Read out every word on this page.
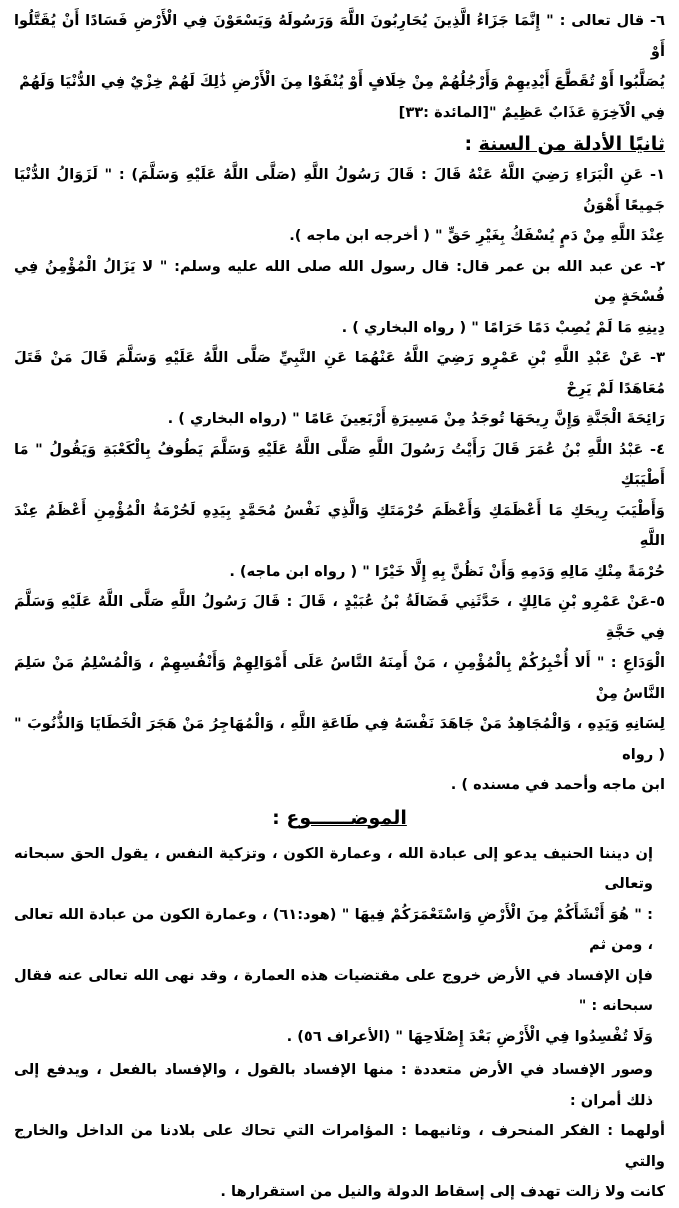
٦- قال تعالى : " إِنَّمَا جَزَاءُ الَّذِينَ يُحَارِبُونَ اللَّهَ وَرَسُولَهُ وَيَسْعَوْنَ فِي الْأَرْضِ فَسَادًا أَنْ يُقَتَّلُوا أَوْ
يُصَلَّبُوا أَوْ تُقَطَّعَ أَيْدِيهِمْ وَأَرْجُلُهُمْ مِنْ خِلَافٍ أَوْ يُنْفَوْا مِنَ الْأَرْضِ ذَٰلِكَ لَهُمْ خِزْيٌ فِي الدُّنْيَا وَلَهُمْ
فِي الْآخِرَةِ عَذَابٌ عَظِيمٌ "[المائدة :٣٣]
ثانيًا الأدلة من السنة :
١- عَنِ الْبَرَاءِ رَضِيَ اللَّهُ عَنْهُ قَالَ : قَالَ رَسُولُ اللَّهِ (صَلَّى اللَّهُ عَلَيْهِ وَسَلَّمَ) : " لَزَوَالُ الدُّنْيَا جَمِيعًا أَهْوَنُ
عِنْدَ اللَّهِ مِنْ دَمٍ يُسْفَكُ بِغَيْرِ حَقٍّ " ( أخرجه ابن ماجه ).
٢- عن عبد الله بن عمر قال: قال رسول الله صلى الله عليه وسلم: " لا يَزَالُ الْمُؤْمِنُ فِي فُسْحَةٍ مِن
دِينِهِ مَا لَمْ يُصِبْ دَمًا حَرَامًا " ( رواه البخاري ) .
٣- عَنْ عَبْدِ اللَّهِ بْنِ عَمْرٍو رَضِيَ اللَّهُ عَنْهُمَا عَنِ النَّبِيِّ صَلَّى اللَّهُ عَلَيْهِ وَسَلَّمَ قَالَ مَنْ قَتَلَ مُعَاهَدًا لَمْ يَرِحْ
رَائِحَةَ الْجَنَّةِ وَإِنَّ رِيحَهَا تُوجَدُ مِنْ مَسِيرَةِ أَرْبَعِينَ عَامًا " (رواه البخاري ) .
٤- عَبْدُ اللَّهِ بْنُ عُمَرَ قَالَ رَأَيْتُ رَسُولَ اللَّهِ صَلَّى اللَّهُ عَلَيْهِ وَسَلَّمَ يَطُوفُ بِالْكَعْبَةِ وَيَقُولُ " مَا أَطْيَبَكِ
وَأَطْيَبَ رِيحَكِ مَا أَعْظَمَكِ وَأَعْظَمَ حُرْمَتَكِ وَالَّذِي نَفْسُ مُحَمَّدٍ بِيَدِهِ لَحُرْمَةُ الْمُؤْمِنِ أَعْظَمُ عِنْدَ اللَّهِ
حُرْمَةً مِنْكِ مَالِهِ وَدَمِهِ وَأَنْ نَظُنَّ بِهِ إِلَّا خَيْرًا " ( رواه ابن ماجه) .
٥-عَنْ عَمْرِو بْنِ مَالِكٍ ، حَدَّثَنِي فَضَالَةُ بْنُ عُبَيْدٍ ، قَالَ : قَالَ رَسُولُ اللَّهِ صَلَّى اللَّهُ عَلَيْهِ وَسَلَّمَ فِي حَجَّةِ
الْوَدَاعِ : " أَلا أُخْبِرُكُمْ بِالْمُؤْمِنِ ، مَنْ أَمِنَهُ النَّاسُ عَلَى أَمْوَالِهِمْ وَأَنْفُسِهِمْ ، وَالْمُسْلِمُ مَنْ سَلِمَ النَّاسُ مِنْ
لِسَانِهِ وَيَدِهِ ، وَالْمُجَاهِدُ مَنْ جَاهَدَ نَفْسَهُ فِي طَاعَةِ اللَّهِ ، وَالْمُهَاجِرُ مَنْ هَجَرَ الْخَطَايَا وَالذُّنُوبَ " ( رواه
ابن ماجه وأحمد في مسنده ) .
الموضــــــوع :
إن ديننا الحنيف يدعو إلى عبادة الله ، وعمارة الكون ، وتزكية النفس ، يقول الحق سبحانه وتعالى
: " هُوَ أَنْشَأَكُمْ مِنَ الْأَرْضِ وَاسْتَعْمَرَكُمْ فِيهَا " (هود:٦١) ، وعمارة الكون من عبادة الله تعالى ، ومن ثم
فإن الإفساد في الأرض خروج على مقتضيات هذه العمارة ، وقد نهى الله تعالى عنه فقال سبحانه : "
وَلَا تُفْسِدُوا فِي الْأَرْضِ بَعْدَ إِصْلَاحِهَا " (الأعراف ٥٦) .
وصور الإفساد في الأرض متعددة : منها الإفساد بالقول ، والإفساد بالفعل ، ويدفع إلى ذلك أمران :
أولهما : الفكر المنحرف ، وثانيهما : المؤامرات التي تحاك على بلادنا من الداخل والخارج والتي
كانت ولا زالت تهدف إلى إسقاط الدولة والنيل من استقرارها .
